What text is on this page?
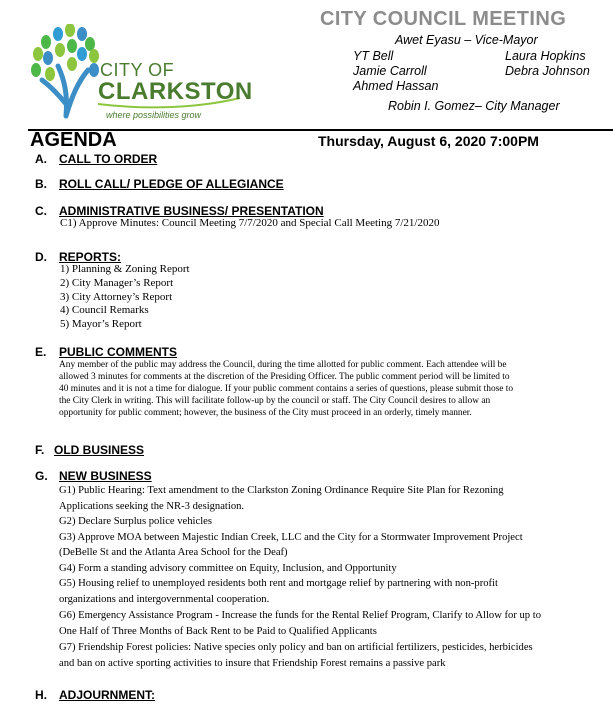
CITY OF
CLARKSTON
where possibilities grow
CITY COUNCIL MEETING
Awet Eyasu – Vice-Mayor
YT Bell
Jamie Carroll
Ahmed Hassan
Laura Hopkins
Debra Johnson
Robin I. Gomez– City Manager
AGENDA	Thursday, August 6, 2020 7:00PM
A. CALL TO ORDER
B. ROLL CALL/ PLEDGE OF ALLEGIANCE
C. ADMINISTRATIVE BUSINESS/ PRESENTATION
C1) Approve Minutes: Council Meeting 7/7/2020 and Special Call Meeting 7/21/2020
D. REPORTS:
1) Planning & Zoning Report
2) City Manager’s Report
3) City Attorney’s Report
4) Council Remarks
5) Mayor’s Report
E. PUBLIC COMMENTS
Any member of the public may address the Council, during the time allotted for public comment. Each attendee will be
allowed 3 minutes for comments at the discretion of the Presiding Officer. The public comment period will be limited to
40 minutes and it is not a time for dialogue. If your public comment contains a series of questions, please submit those to
the City Clerk in writing. This will facilitate follow-up by the council or staff. The City Council desires to allow an
opportunity for public comment; however, the business of the City must proceed in an orderly, timely manner.
F. OLD BUSINESS
G. NEW BUSINESS
G1) Public Hearing: Text amendment to the Clarkston Zoning Ordinance Require Site Plan for Rezoning
Applications seeking the NR-3 designation.
G2) Declare Surplus police vehicles
G3) Approve MOA between Majestic Indian Creek, LLC and the City for a Stormwater Improvement Project
(DeBelle St and the Atlanta Area School for the Deaf)
G4) Form a standing advisory committee on Equity, Inclusion, and Opportunity
G5) Housing relief to unemployed residents both rent and mortgage relief by partnering with non-profit
organizations and intergovernmental cooperation.
G6) Emergency Assistance Program - Increase the funds for the Rental Relief Program, Clarify to Allow for up to
One Half of Three Months of Back Rent to be Paid to Qualified Applicants
G7) Friendship Forest policies: Native species only policy and ban on artificial fertilizers, pesticides, herbicides
and ban on active sporting activities to insure that Friendship Forest remains a passive park
H. ADJOURNMENT:
